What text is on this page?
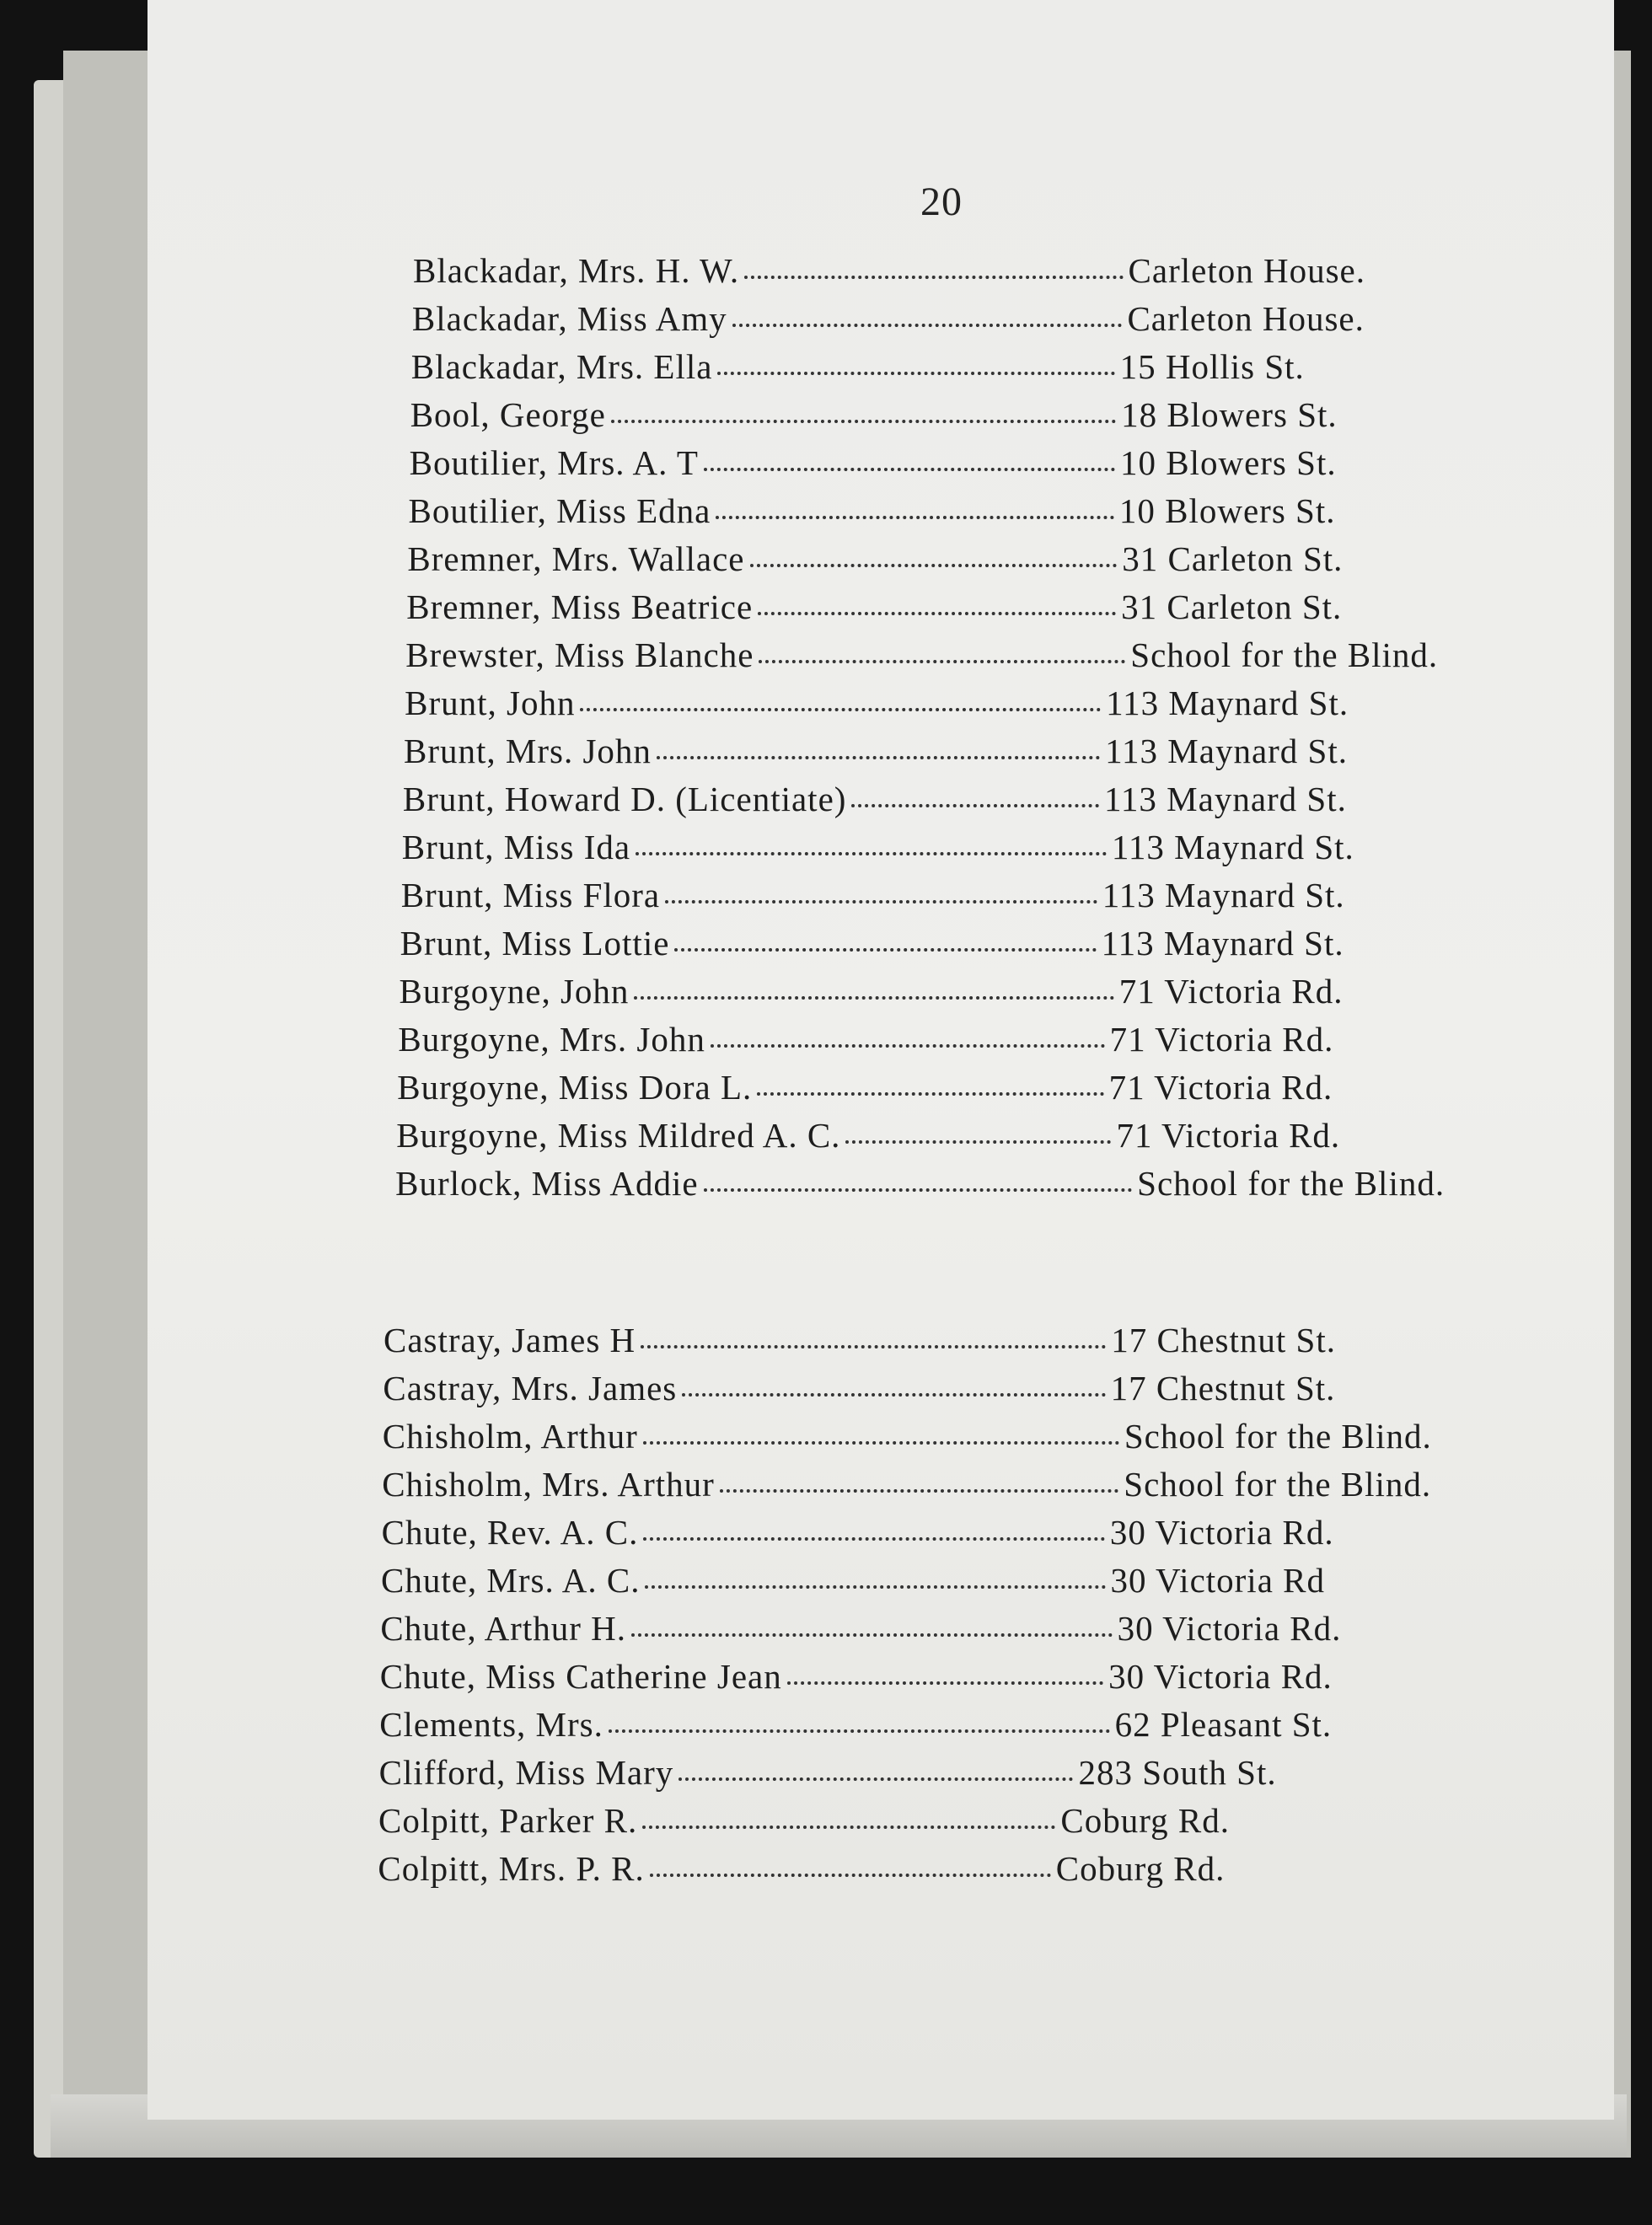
20
Blackadar, Mrs. H. W.	Carleton House.
Blackadar, Miss Amy	Carleton House.
Blackadar, Mrs. Ella	15 Hollis St.
Bool, George	18 Blowers St.
Boutilier, Mrs. A. T	10 Blowers St.
Boutilier, Miss Edna	10 Blowers St.
Bremner, Mrs. Wallace	31 Carleton St.
Bremner, Miss Beatrice	31 Carleton St.
Brewster, Miss Blanche	School for the Blind.
Brunt, John	113 Maynard St.
Brunt, Mrs. John	113 Maynard St.
Brunt, Howard D. (Licentiate)	113 Maynard St.
Brunt, Miss Ida	113 Maynard St.
Brunt, Miss Flora	113 Maynard St.
Brunt, Miss Lottie	113 Maynard St.
Burgoyne, John	71 Victoria Rd.
Burgoyne, Mrs. John	71 Victoria Rd.
Burgoyne, Miss Dora L.	71 Victoria Rd.
Burgoyne, Miss Mildred A. C.	71 Victoria Rd.
Burlock, Miss Addie	School for the Blind.
Castray, James H	17 Chestnut St.
Castray, Mrs. James	17 Chestnut St.
Chisholm, Arthur	School for the Blind.
Chisholm, Mrs. Arthur	School for the Blind.
Chute, Rev. A. C.	30 Victoria Rd.
Chute, Mrs. A. C.	30 Victoria Rd
Chute, Arthur H.	30 Victoria Rd.
Chute, Miss Catherine Jean	30 Victoria Rd.
Clements, Mrs.	62 Pleasant St.
Clifford, Miss Mary	283 South St.
Colpitt, Parker R.	Coburg Rd.
Colpitt, Mrs. P. R.	Coburg Rd.
